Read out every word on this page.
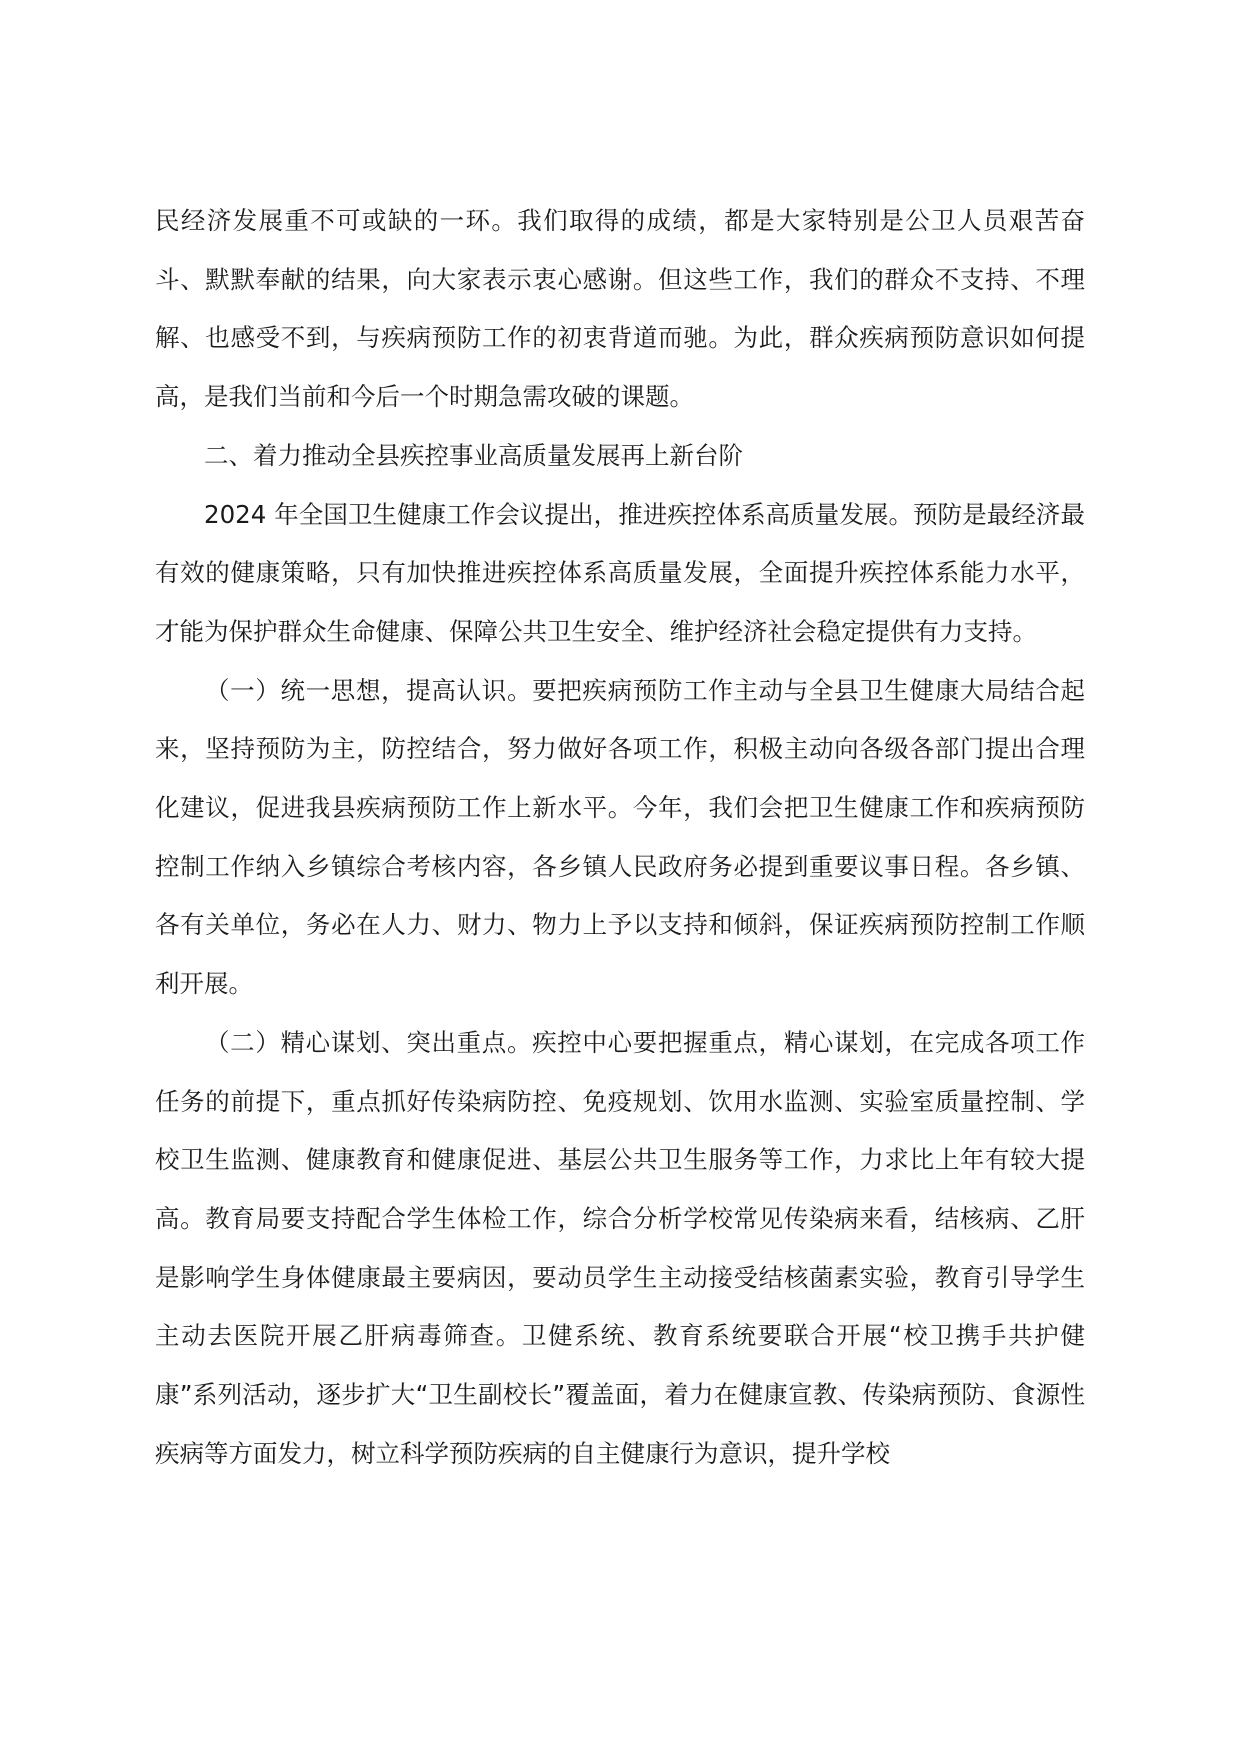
民经济发展重不可或缺的一环。我们取得的成绩，都是大家特别是公卫人员艰苦奋斗、默默奉献的结果，向大家表示衷心感谢。但这些工作，我们的群众不支持、不理解、也感受不到，与疾病预防工作的初衷背道而驰。为此，群众疾病预防意识如何提高，是我们当前和今后一个时期急需攻破的课题。

二、着力推动全县疾控事业高质量发展再上新台阶

2024 年全国卫生健康工作会议提出，推进疾控体系高质量发展。预防是最经济最有效的健康策略，只有加快推进疾控体系高质量发展，全面提升疾控体系能力水平，才能为保护群众生命健康、保障公共卫生安全、维护经济社会稳定提供有力支持。

（一）统一思想，提高认识。要把疾病预防工作主动与全县卫生健康大局结合起来，坚持预防为主，防控结合，努力做好各项工作，积极主动向各级各部门提出合理化建议，促进我县疾病预防工作上新水平。今年，我们会把卫生健康工作和疾病预防控制工作纳入乡镇综合考核内容，各乡镇人民政府务必提到重要议事日程。各乡镇、各有关单位，务必在人力、财力、物力上予以支持和倾斜，保证疾病预防控制工作顺利开展。

（二）精心谋划、突出重点。疾控中心要把握重点，精心谋划，在完成各项工作任务的前提下，重点抓好传染病防控、免疫规划、饮用水监测、实验室质量控制、学校卫生监测、健康教育和健康促进、基层公共卫生服务等工作，力求比上年有较大提高。教育局要支持配合学生体检工作，综合分析学校常见传染病来看，结核病、乙肝是影响学生身体健康最主要病因，要动员学生主动接受结核菌素实验，教育引导学生主动去医院开展乙肝病毒筛查。卫健系统、教育系统要联合开展“校卫携手共护健康”系列活动，逐步扩大“卫生副校长”覆盖面，着力在健康宣教、传染病预防、食源性疾病等方面发力，树立科学预防疾病的自主健康行为意识，提升学校
